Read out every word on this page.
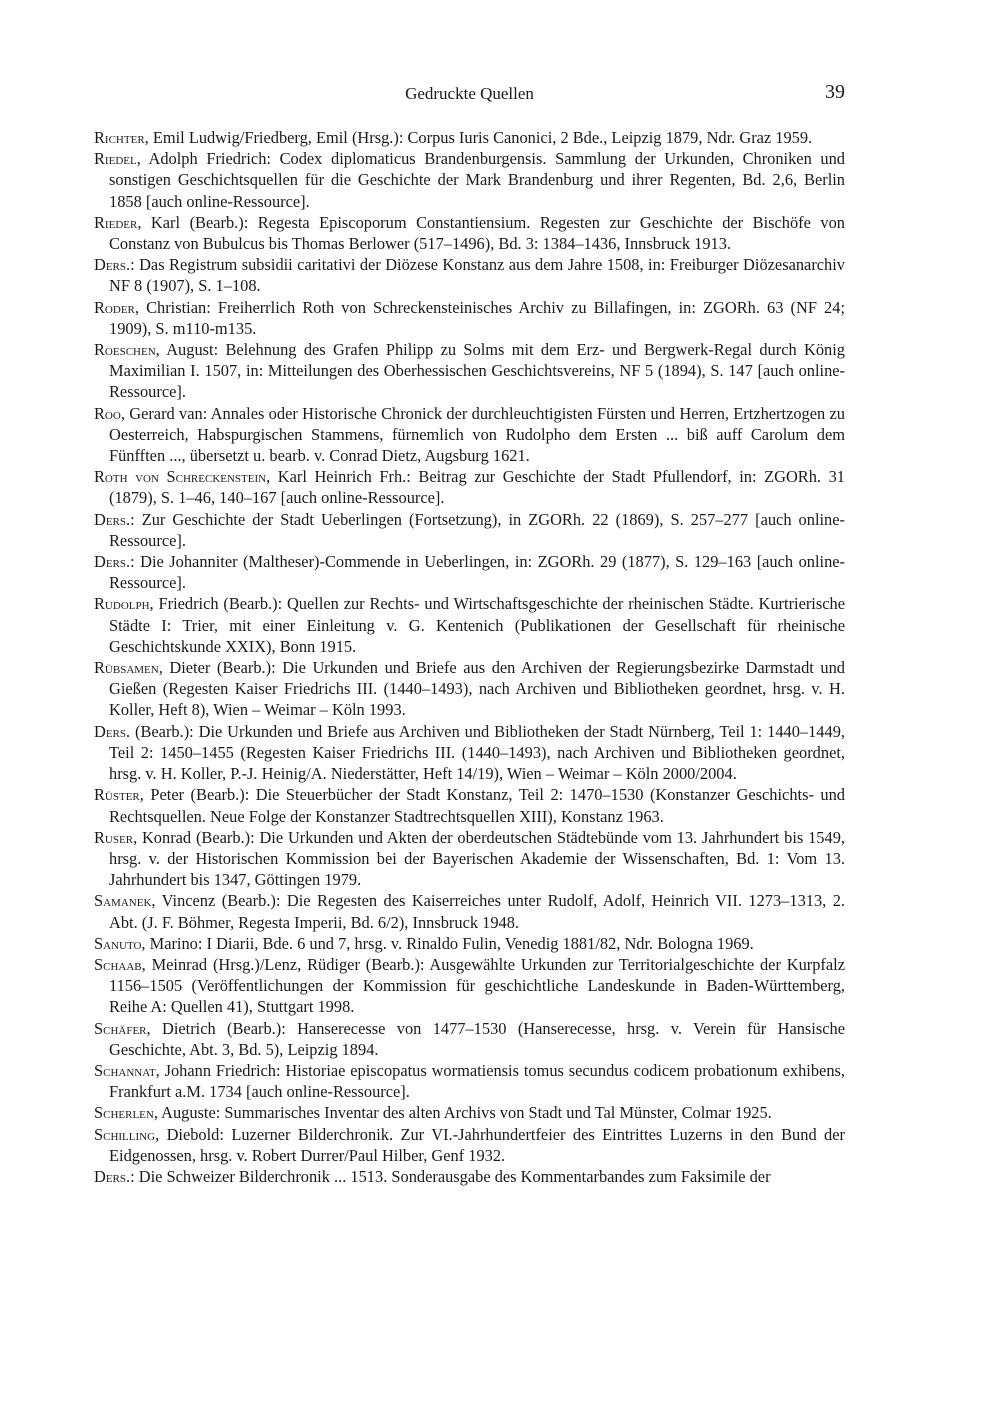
Gedruckte Quellen	39

Richter, Emil Ludwig/Friedberg, Emil (Hrsg.): Corpus Iuris Canonici, 2 Bde., Leipzig 1879, Ndr. Graz 1959.

Riedel, Adolph Friedrich: Codex diplomaticus Brandenburgensis. Sammlung der Urkunden, Chroniken und sonstigen Geschichtsquellen für die Geschichte der Mark Brandenburg und ihrer Regenten, Bd. 2,6, Berlin 1858 [auch online-Ressource].

Rieder, Karl (Bearb.): Regesta Episcoporum Constantiensium. Regesten zur Geschichte der Bischöfe von Constanz von Bubulcus bis Thomas Berlower (517–1496), Bd. 3: 1384–1436, Innsbruck 1913.

Ders.: Das Registrum subsidii caritativi der Diözese Konstanz aus dem Jahre 1508, in: Freiburger Diözesanarchiv NF 8 (1907), S. 1–108.

Roder, Christian: Freiherrlich Roth von Schreckensteinisches Archiv zu Billafingen, in: ZGORh. 63 (NF 24; 1909), S. m110-m135.

Roeschen, August: Belehnung des Grafen Philipp zu Solms mit dem Erz- und Bergwerk-Regal durch König Maximilian I. 1507, in: Mitteilungen des Oberhessischen Geschichtsvereins, NF 5 (1894), S. 147 [auch online-Ressource].

Roo, Gerard van: Annales oder Historische Chronick der durchleuchtigisten Fürsten und Herren, Ertzhertzogen zu Oesterreich, Habspurgischen Stammens, fürnemlich von Rudolpho dem Ersten ... biß auff Carolum dem Fünfften ..., übersetzt u. bearb. v. Conrad Dietz, Augsburg 1621.

Roth von Schreckenstein, Karl Heinrich Frh.: Beitrag zur Geschichte der Stadt Pfullendorf, in: ZGORh. 31 (1879), S. 1–46, 140–167 [auch online-Ressource].

Ders.: Zur Geschichte der Stadt Ueberlingen (Fortsetzung), in ZGORh. 22 (1869), S. 257–277 [auch online-Ressource].

Ders.: Die Johanniter (Maltheser)-Commende in Ueberlingen, in: ZGORh. 29 (1877), S. 129–163 [auch online-Ressource].

Rudolph, Friedrich (Bearb.): Quellen zur Rechts- und Wirtschaftsgeschichte der rheinischen Städte. Kurtrierische Städte I: Trier, mit einer Einleitung v. G. Kentenich (Publikationen der Gesellschaft für rheinische Geschichtskunde XXIX), Bonn 1915.

Rübsamen, Dieter (Bearb.): Die Urkunden und Briefe aus den Archiven der Regierungsbezirke Darmstadt und Gießen (Regesten Kaiser Friedrichs III. (1440–1493), nach Archiven und Bibliotheken geordnet, hrsg. v. H. Koller, Heft 8), Wien – Weimar – Köln 1993.

Ders. (Bearb.): Die Urkunden und Briefe aus Archiven und Bibliotheken der Stadt Nürnberg, Teil 1: 1440–1449, Teil 2: 1450–1455 (Regesten Kaiser Friedrichs III. (1440–1493), nach Archiven und Bibliotheken geordnet, hrsg. v. H. Koller, P.-J. Heinig/A. Niederstätter, Heft 14/19), Wien – Weimar – Köln 2000/2004.

Rüster, Peter (Bearb.): Die Steuerbücher der Stadt Konstanz, Teil 2: 1470–1530 (Konstanzer Geschichts- und Rechtsquellen. Neue Folge der Konstanzer Stadtrechtsquellen XIII), Konstanz 1963.

Ruser, Konrad (Bearb.): Die Urkunden und Akten der oberdeutschen Städtebünde vom 13. Jahrhundert bis 1549, hrsg. v. der Historischen Kommission bei der Bayerischen Akademie der Wissenschaften, Bd. 1: Vom 13. Jahrhundert bis 1347, Göttingen 1979.

Samanek, Vincenz (Bearb.): Die Regesten des Kaiserreiches unter Rudolf, Adolf, Heinrich VII. 1273–1313, 2. Abt. (J. F. Böhmer, Regesta Imperii, Bd. 6/2), Innsbruck 1948.

Sanuto, Marino: I Diarii, Bde. 6 und 7, hrsg. v. Rinaldo Fulin, Venedig 1881/82, Ndr. Bologna 1969.

Schaab, Meinrad (Hrsg.)/Lenz, Rüdiger (Bearb.): Ausgewählte Urkunden zur Territorialgeschichte der Kurpfalz 1156–1505 (Veröffentlichungen der Kommission für geschichtliche Landeskunde in Baden-Württemberg, Reihe A: Quellen 41), Stuttgart 1998.

Schäfer, Dietrich (Bearb.): Hanserecesse von 1477–1530 (Hanserecesse, hrsg. v. Verein für Hansische Geschichte, Abt. 3, Bd. 5), Leipzig 1894.

Schannat, Johann Friedrich: Historiae episcopatus wormatiensis tomus secundus codicem probationum exhibens, Frankfurt a.M. 1734 [auch online-Ressource].

Scherlen, Auguste: Summarisches Inventar des alten Archivs von Stadt und Tal Münster, Colmar 1925.

Schilling, Diebold: Luzerner Bilderchronik. Zur VI.-Jahrhundertfeier des Eintrittes Luzerns in den Bund der Eidgenossen, hrsg. v. Robert Durrer/Paul Hilber, Genf 1932.

Ders.: Die Schweizer Bilderchronik ... 1513. Sonderausgabe des Kommentarbandes zum Faksimile der
